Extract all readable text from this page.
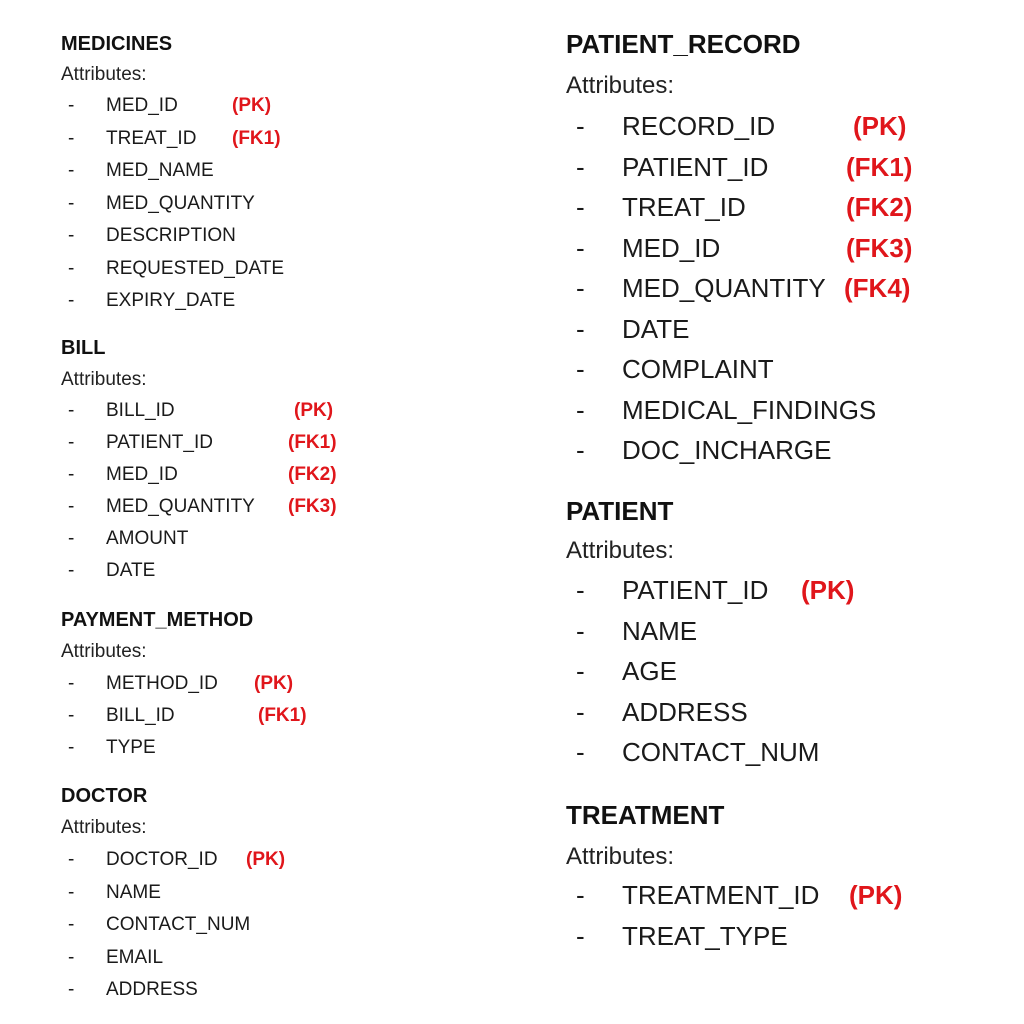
MEDICINES
Attributes:
- MED_ID	(PK)
- TREAT_ID (FK1)
- MED_NAME
- MED_QUANTITY
- DESCRIPTION
- REQUESTED_DATE
- EXPIRY_DATE
BILL
Attributes:
- BILL_ID	(PK)
- PATIENT_ID	(FK1)
- MED_ID	(FK2)
- MED_QUANTITY (FK3)
- AMOUNT
- DATE
PAYMENT_METHOD
Attributes:
- METHOD_ID (PK)
- BILL_ID	(FK1)
- TYPE
DOCTOR
Attributes:
- DOCTOR_ID (PK)
- NAME
- CONTACT_NUM
- EMAIL
- ADDRESS
PATIENT_RECORD
Attributes:
- RECORD_ID	(PK)
- PATIENT_ID	(FK1)
- TREAT_ID	(FK2)
- MED_ID	(FK3)
- MED_QUANTITY (FK4)
- DATE
- COMPLAINT
- MEDICAL_FINDINGS
- DOC_INCHARGE
PATIENT
Attributes:
- PATIENT_ID (PK)
- NAME
- AGE
- ADDRESS
- CONTACT_NUM
TREATMENT
Attributes:
- TREATMENT_ID (PK)
- TREAT_TYPE
